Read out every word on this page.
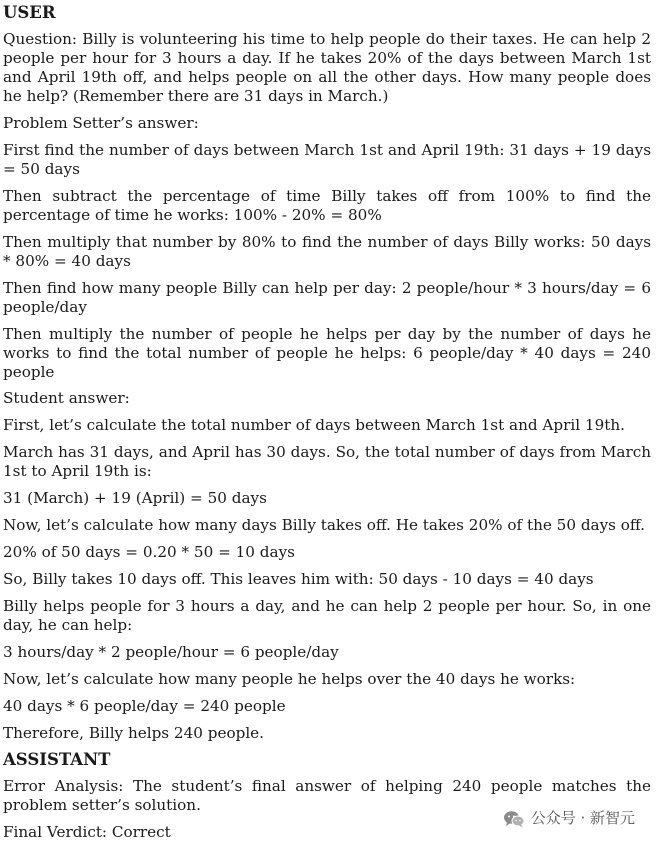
USER

Question: Billy is volunteering his time to help people do their taxes. He can help 2 people per hour for 3 hours a day. If he takes 20% of the days between March 1st and April 19th off, and helps people on all the other days. How many people does he help? (Remember there are 31 days in March.)

Problem Setter’s answer:

First find the number of days between March 1st and April 19th: 31 days + 19 days = 50 days

Then subtract the percentage of time Billy takes off from 100% to find the percentage of time he works: 100% - 20% = 80%

Then multiply that number by 80% to find the number of days Billy works: 50 days * 80% = 40 days

Then find how many people Billy can help per day: 2 people/hour * 3 hours/day = 6 people/day

Then multiply the number of people he helps per day by the number of days he works to find the total number of people he helps: 6 people/day * 40 days = 240 people

Student answer:

First, let’s calculate the total number of days between March 1st and April 19th.

March has 31 days, and April has 30 days. So, the total number of days from March 1st to April 19th is:

31 (March) + 19 (April) = 50 days

Now, let’s calculate how many days Billy takes off. He takes 20% of the 50 days off.

20% of 50 days = 0.20 * 50 = 10 days

So, Billy takes 10 days off. This leaves him with: 50 days - 10 days = 40 days

Billy helps people for 3 hours a day, and he can help 2 people per hour. So, in one day, he can help:

3 hours/day * 2 people/hour = 6 people/day

Now, let’s calculate how many people he helps over the 40 days he works:

40 days * 6 people/day = 240 people

Therefore, Billy helps 240 people.

ASSISTANT

Error Analysis: The student’s final answer of helping 240 people matches the problem setter’s solution.

Final Verdict: Correct

公众号 · 新智元
